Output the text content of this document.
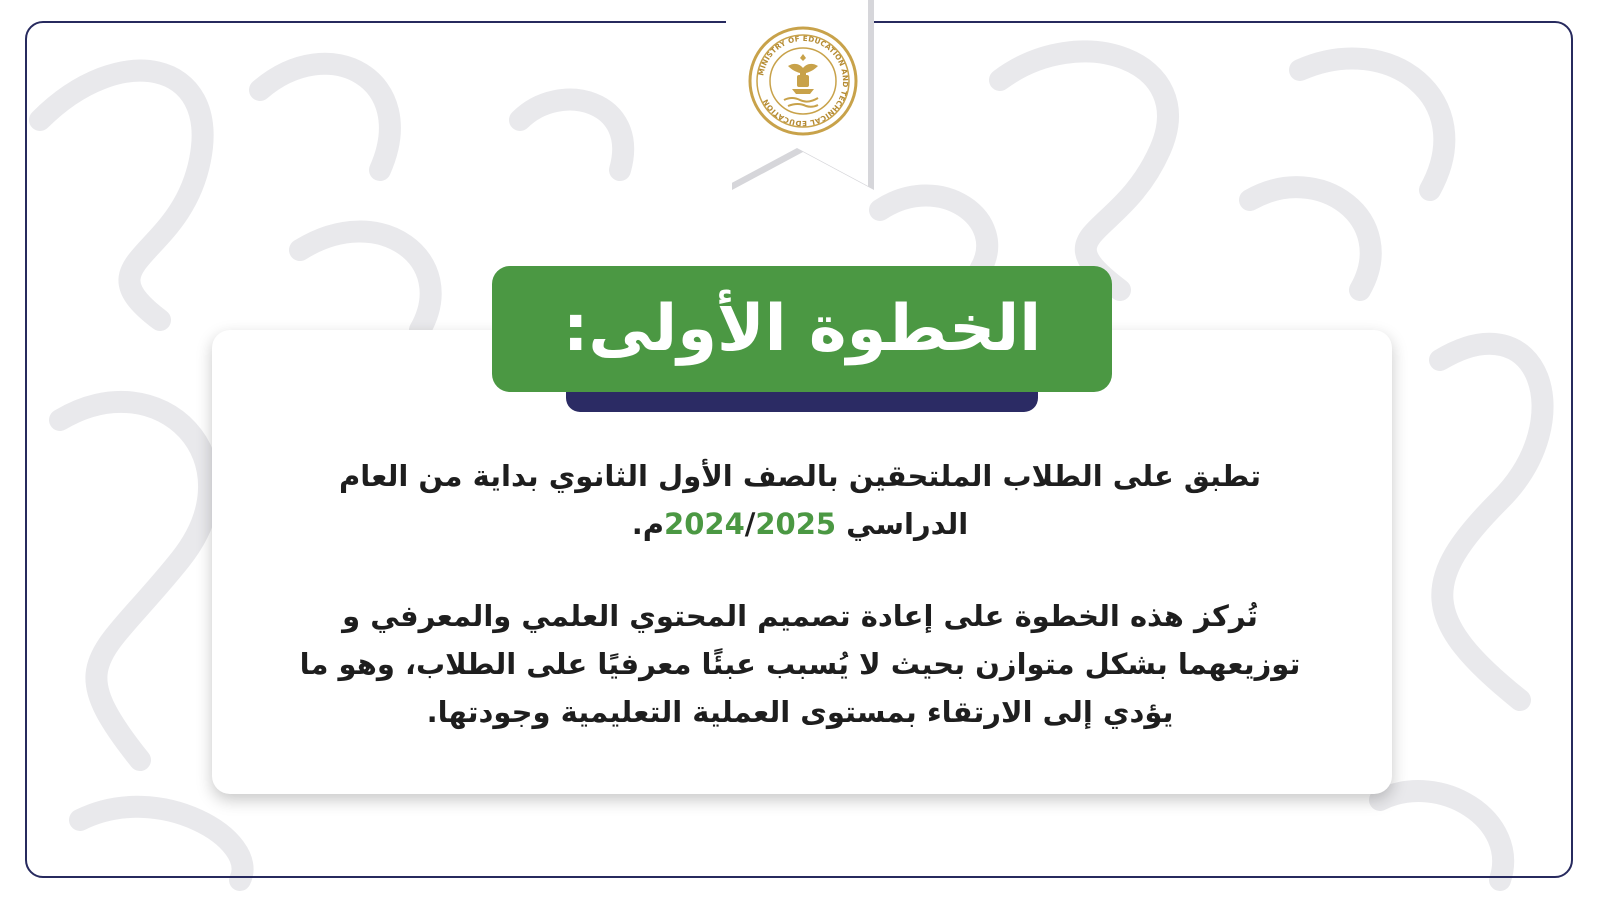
MINISTRY OF EDUCATION AND TECHNICAL EDUCATION
الخطوة الأولى:

تطبق على الطلاب الملتحقين بالصف الأول الثانوي بداية من العام الدراسي 2024/2025م.

تُركز هذه الخطوة على إعادة تصميم المحتوي العلمي والمعرفي و توزيعهما بشكل متوازن بحيث لا يُسبب عبئًا معرفيًا على الطلاب، وهو ما يؤدي إلى الارتقاء بمستوى العملية التعليمية وجودتها.
